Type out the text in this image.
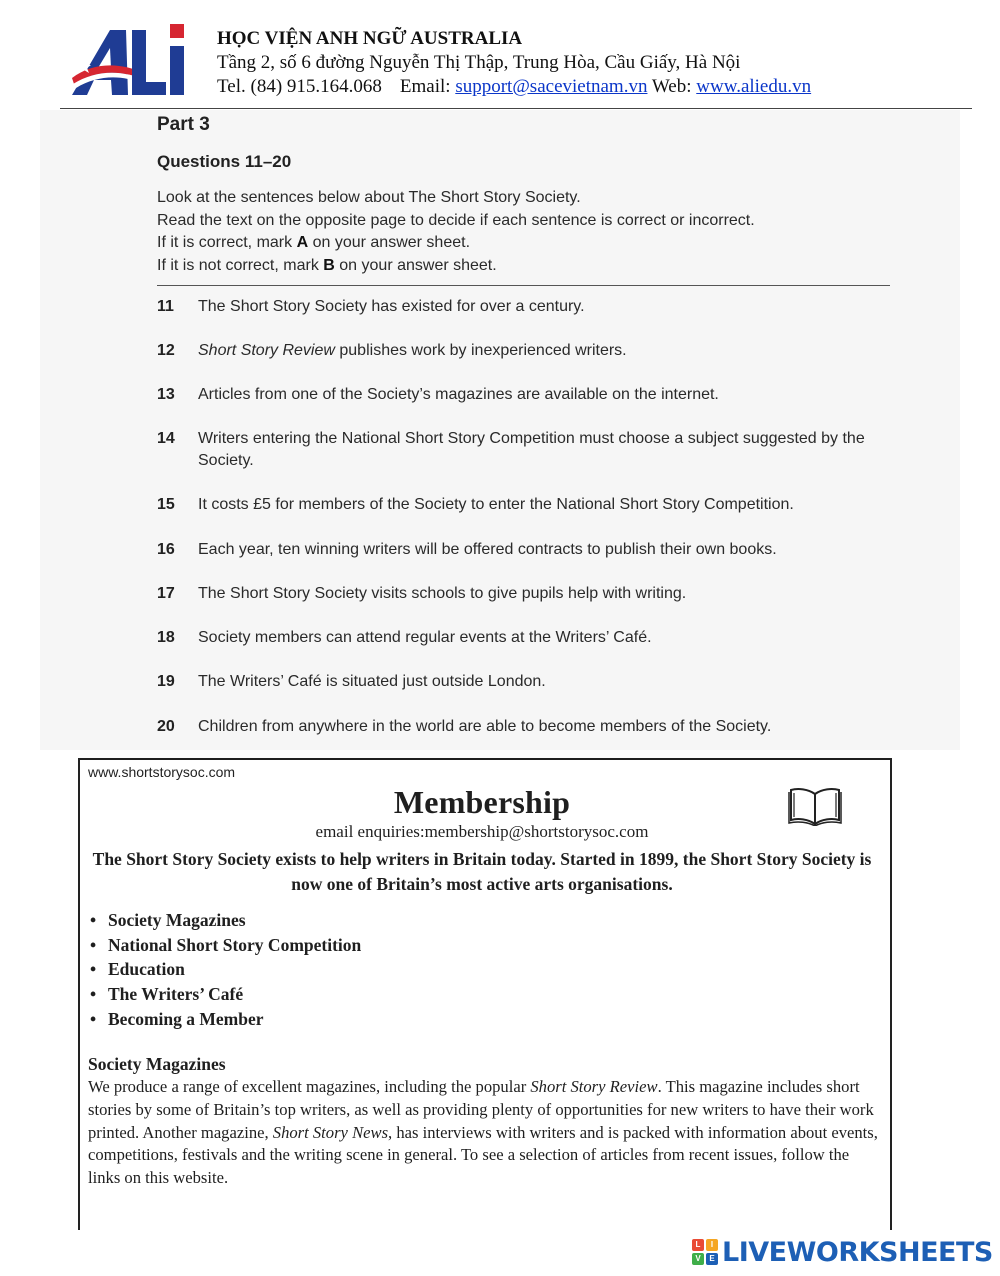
HỌC VIỆN ANH NGỮ AUSTRALIA
Tầng 2, số 6 đường Nguyễn Thị Thập, Trung Hòa, Cầu Giấy, Hà Nội
Tel. (84) 915.164.068 Email: support@sacevietnam.vn Web: www.aliedu.vn
Part 3
Questions 11–20
Look at the sentences below about The Short Story Society.
Read the text on the opposite page to decide if each sentence is correct or incorrect.
If it is correct, mark A on your answer sheet.
If it is not correct, mark B on your answer sheet.
11 The Short Story Society has existed for over a century.
12 Short Story Review publishes work by inexperienced writers.
13 Articles from one of the Society’s magazines are available on the internet.
14 Writers entering the National Short Story Competition must choose a subject suggested by the Society.
15 It costs £5 for members of the Society to enter the National Short Story Competition.
16 Each year, ten winning writers will be offered contracts to publish their own books.
17 The Short Story Society visits schools to give pupils help with writing.
18 Society members can attend regular events at the Writers’ Café.
19 The Writers’ Café is situated just outside London.
20 Children from anywhere in the world are able to become members of the Society.
www.shortstorysoc.com
Membership
email enquiries:membership@shortstorysoc.com
The Short Story Society exists to help writers in Britain today. Started in 1899, the Short Story Society is now one of Britain’s most active arts organisations.
• Society Magazines
• National Short Story Competition
• Education
• The Writers’ Café
• Becoming a Member
Society Magazines
We produce a range of excellent magazines, including the popular Short Story Review. This magazine includes short stories by some of Britain’s top writers, as well as providing plenty of opportunities for new writers to have their work printed. Another magazine, Short Story News, has interviews with writers and is packed with information about events, competitions, festivals and the writing scene in general. To see a selection of articles from recent issues, follow the links on this website.
L	I
V	E LIVEWORKSHEETS
